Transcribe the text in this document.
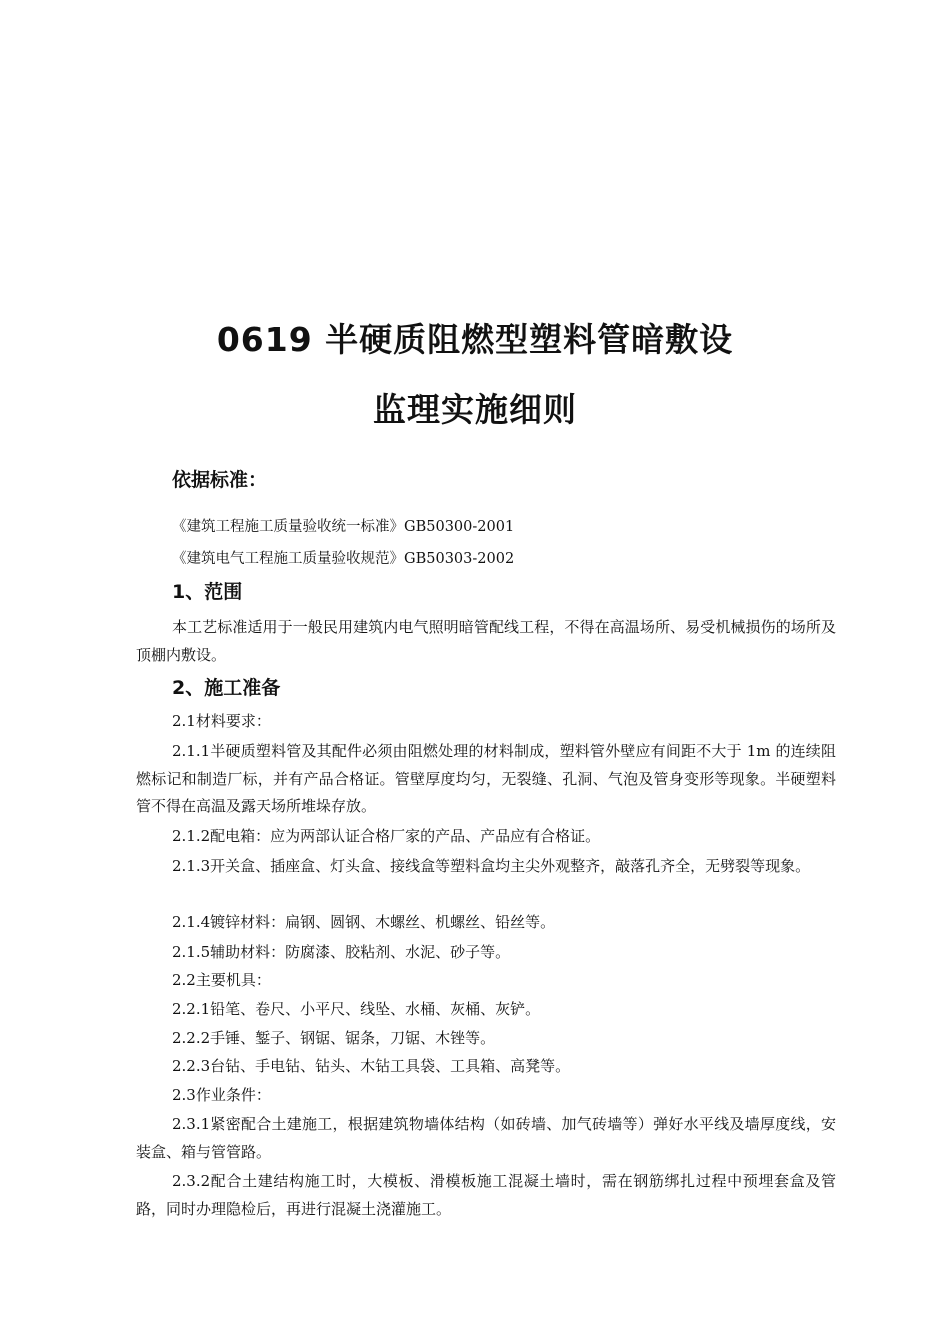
0619 半硬质阻燃型塑料管暗敷设
监理实施细则
依据标准：
《建筑工程施工质量验收统一标准》GB50300-2001
《建筑电气工程施工质量验收规范》GB50303-2002
1、范围
本工艺标准适用于一般民用建筑内电气照明暗管配线工程，不得在高温场所、易受机械损伤的场所及顶棚内敷设。
2、施工准备
2.1材料要求：
2.1.1半硬质塑料管及其配件必须由阻燃处理的材料制成，塑料管外壁应有间距不大于 1m 的连续阻燃标记和制造厂标，并有产品合格证。管壁厚度均匀，无裂缝、孔洞、气泡及管身变形等现象。半硬塑料管不得在高温及露天场所堆垛存放。
2.1.2配电箱：应为两部认证合格厂家的产品、产品应有合格证。
2.1.3开关盒、插座盒、灯头盒、接线盒等塑料盒均主尖外观整齐，敲落孔齐全，无劈裂等现象。
2.1.4镀锌材料：扁钢、圆钢、木螺丝、机螺丝、铅丝等。
2.1.5辅助材料：防腐漆、胶粘剂、水泥、砂子等。
2.2主要机具：
2.2.1铅笔、卷尺、小平尺、线坠、水桶、灰桶、灰铲。
2.2.2手锤、錾子、钢锯、锯条，刀锯、木锉等。
2.2.3台钻、手电钻、钻头、木钻工具袋、工具箱、高凳等。
2.3作业条件：
2.3.1紧密配合土建施工，根据建筑物墙体结构（如砖墙、加气砖墙等）弹好水平线及墙厚度线，安装盒、箱与管管路。
2.3.2配合土建结构施工时，大模板、滑模板施工混凝土墙时，需在钢筋绑扎过程中预埋套盒及管路，同时办理隐检后，再进行混凝土浇灌施工。
